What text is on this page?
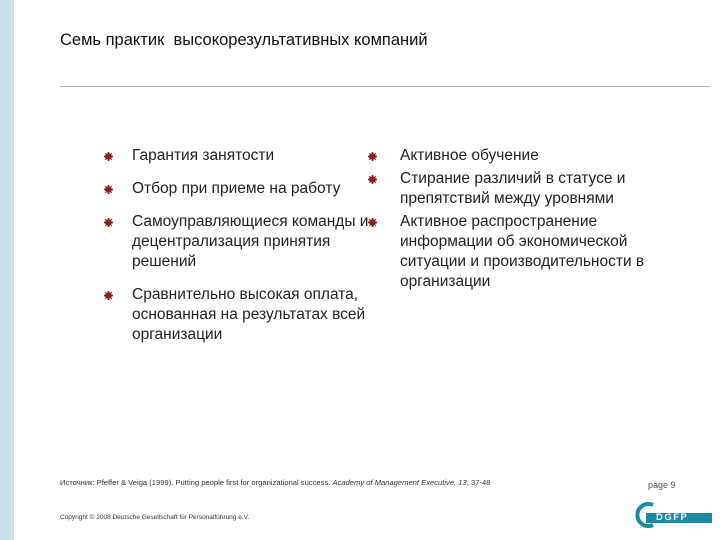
Семь практик  высокорезультативных компаний
Гарантия занятости
Отбор при приеме на работу
Самоуправляющиеся команды и децентрализация принятия решений
Сравнительно высокая оплата, основанная на результатах всей организации
Активное обучение
Стирание различий в статусе и препятствий между уровнями
Активное распространение информации об экономической ситуации и производительности в организации
Источник: Pfeffer & Veiga (1999). Putting people first for organizational success. Academy of Management Executive, 13, 37-48	page 9
Copyright © 2008 Deutsche Gesellschaft für Personalführung e.V.	DGFP
